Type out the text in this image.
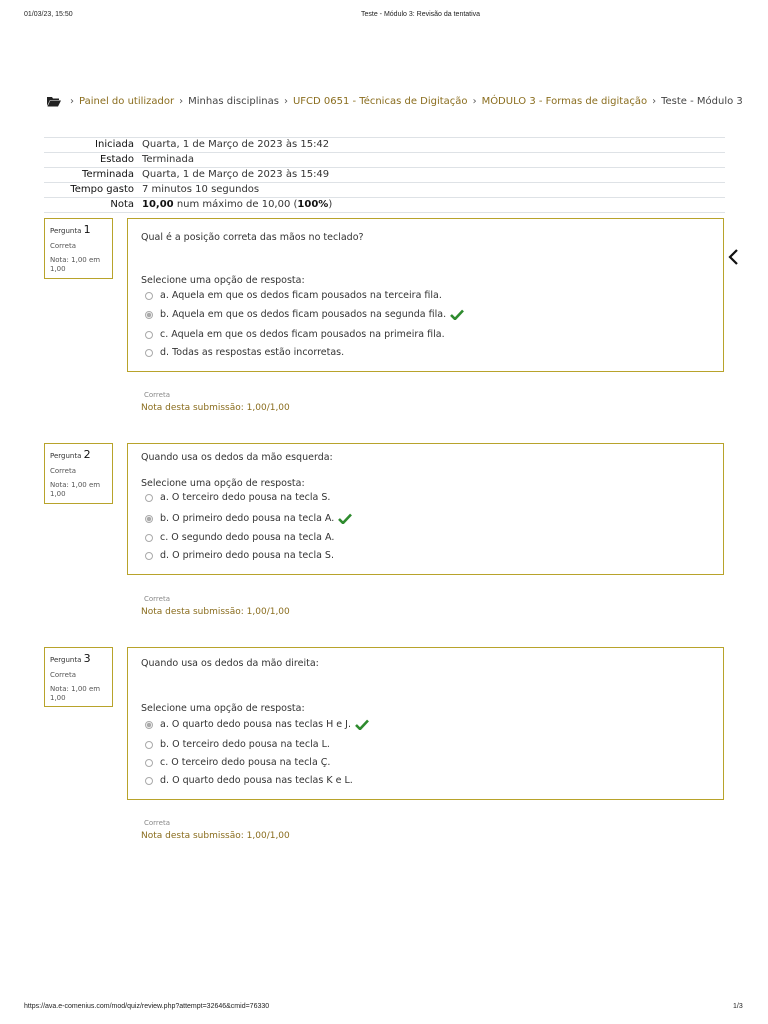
01/03/23, 15:50	Teste - Módulo 3: Revisão da tentativa
› Painel do utilizador › Minhas disciplinas › UFCD 0651 - Técnicas de Digitação › MÓDULO 3 - Formas de digitação › Teste - Módulo 3
Iniciada	Quarta, 1 de Março de 2023 às 15:42
Estado	Terminada
Terminada	Quarta, 1 de Março de 2023 às 15:49
Tempo gasto	7 minutos 10 segundos
Nota	10,00 num máximo de 10,00 (100%)
Pergunta 1
Correta
Nota: 1,00 em 1,00
Qual é a posição correta das mãos no teclado?
Selecione uma opção de resposta:
a. Aquela em que os dedos ficam pousados na terceira fila.
b. Aquela em que os dedos ficam pousados na segunda fila.
c. Aquela em que os dedos ficam pousados na primeira fila.
d. Todas as respostas estão incorretas.
Correta
Nota desta submissão: 1,00/1,00
Pergunta 2
Correta
Nota: 1,00 em 1,00
Quando usa os dedos da mão esquerda:
Selecione uma opção de resposta:
a. O terceiro dedo pousa na tecla S.
b. O primeiro dedo pousa na tecla A.
c. O segundo dedo pousa na tecla A.
d. O primeiro dedo pousa na tecla S.
Correta
Nota desta submissão: 1,00/1,00
Pergunta 3
Correta
Nota: 1,00 em 1,00
Quando usa os dedos da mão direita:
Selecione uma opção de resposta:
a. O quarto dedo pousa nas teclas H e J.
b. O terceiro dedo pousa na tecla L.
c. O terceiro dedo pousa na tecla Ç.
d. O quarto dedo pousa nas teclas K e L.
Correta
Nota desta submissão: 1,00/1,00
https://ava.e-comenius.com/mod/quiz/review.php?attempt=32646&cmid=76330	1/3
